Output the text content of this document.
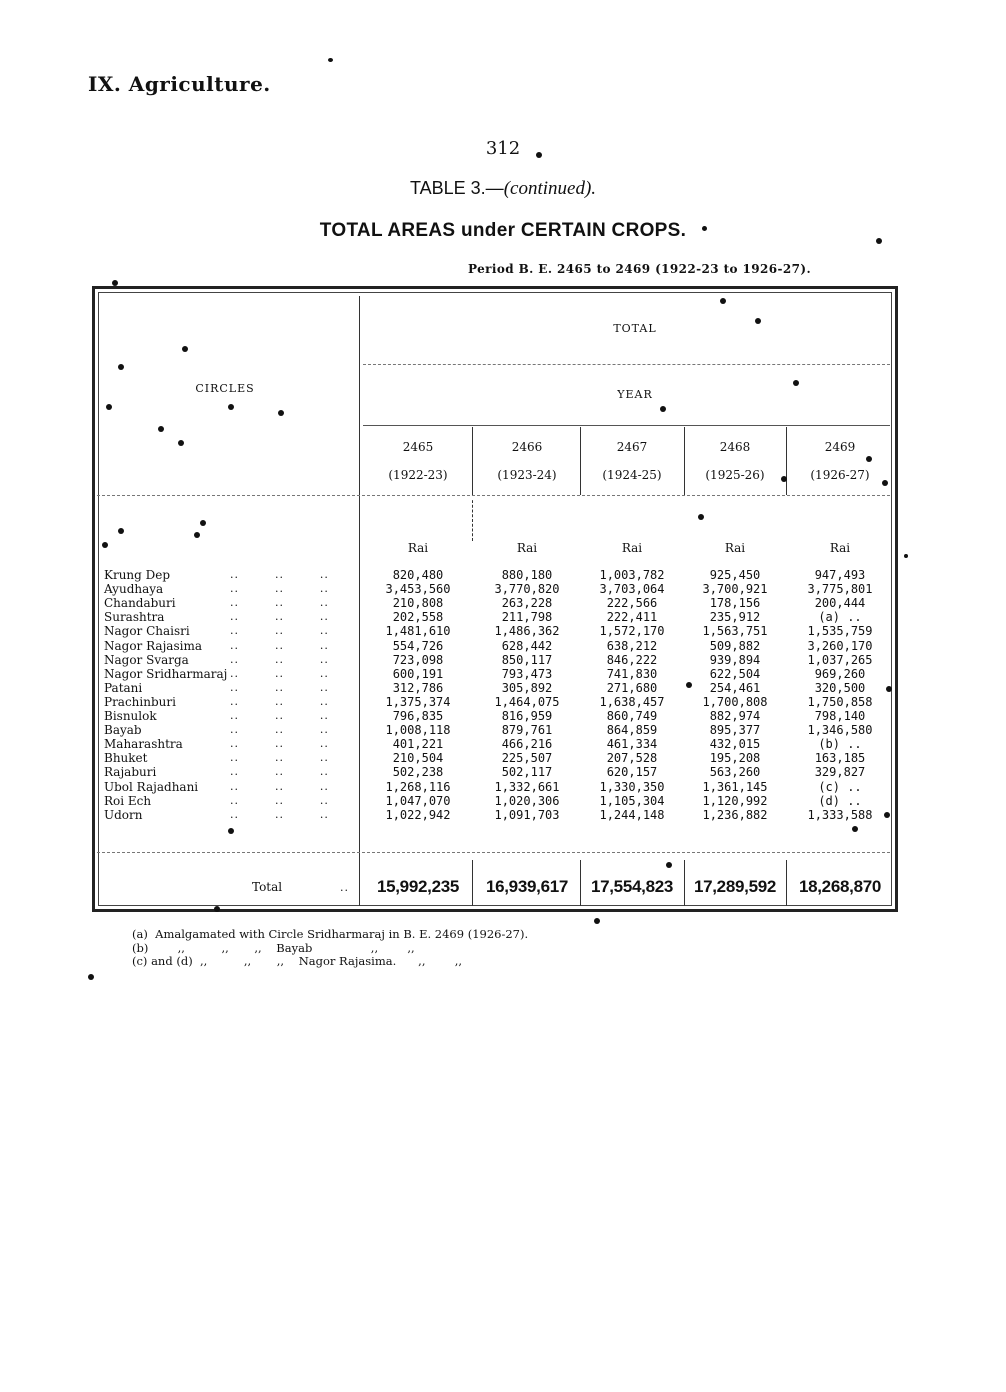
IX. Agriculture.
312
TABLE 3.—(continued).
TOTAL AREAS under CERTAIN CROPS.
Period B. E. 2465 to 2469 (1922-23 to 1926-27).
CIRCLES
TOTAL
YEAR
2465
(1922-23)
2466
(1923-24)
2467
(1924-25)
2468
(1925-26)
2469
(1926-27)
Rai	Rai	Rai	Rai	Rai
Krung Dep	..        ..        ..	820,480	880,180	1,003,782	925,450	947,493
Ayudhaya	..        ..        ..	3,453,560	3,770,820	3,703,064	3,700,921	3,775,801
Chandaburi	..        ..        ..	210,808	263,228	222,566	178,156	200,444
Surashtra	..        ..        ..	202,558	211,798	222,411	235,912	(a) ..
Nagor Chaisri	..        ..        ..	1,481,610	1,486,362	1,572,170	1,563,751	1,535,759
Nagor Rajasima	..        ..        ..	554,726	628,442	638,212	509,882	3,260,170
Nagor Svarga	..        ..        ..	723,098	850,117	846,222	939,894	1,037,265
Nagor Sridharmaraj ..        ..        ..	600,191	793,473	741,830	622,504	969,260
Patani	..        ..        ..	312,786	305,892	271,680	254,461	320,500
Prachinburi	..        ..        ..	1,375,374	1,464,075	1,638,457	1,700,808	1,750,858
Bisnulok	..        ..        ..	796,835	816,959	860,749	882,974	798,140
Bayab	..        ..        ..	1,008,118	879,761	864,859	895,377	1,346,580
Maharashtra	..        ..        ..	401,221	466,216	461,334	432,015	(b) ..
Bhuket	..        ..        ..	210,504	225,507	207,528	195,208	163,185
Rajaburi	..        ..        ..	502,238	502,117	620,157	563,260	329,827
Ubol Rajadhani	..        ..        ..	1,268,116	1,332,661	1,330,350	1,361,145	(c) ..
Roi Ech	..        ..        ..	1,047,070	1,020,306	1,105,304	1,120,992	(d) ..
Udorn	..        ..        ..	1,022,942	1,091,703	1,244,148	1,236,882	1,333,588
Total	..	15,992,235	16,939,617	17,554,823	17,289,592	18,268,870
(a)  Amalgamated with Circle Sridharmaraj in B. E. 2469 (1926-27).
(b)        ,,          ,,       ,,    Bayab                ,,        ,,
(c) and (d)  ,,          ,,       ,,    Nagor Rajasima.      ,,        ,,
